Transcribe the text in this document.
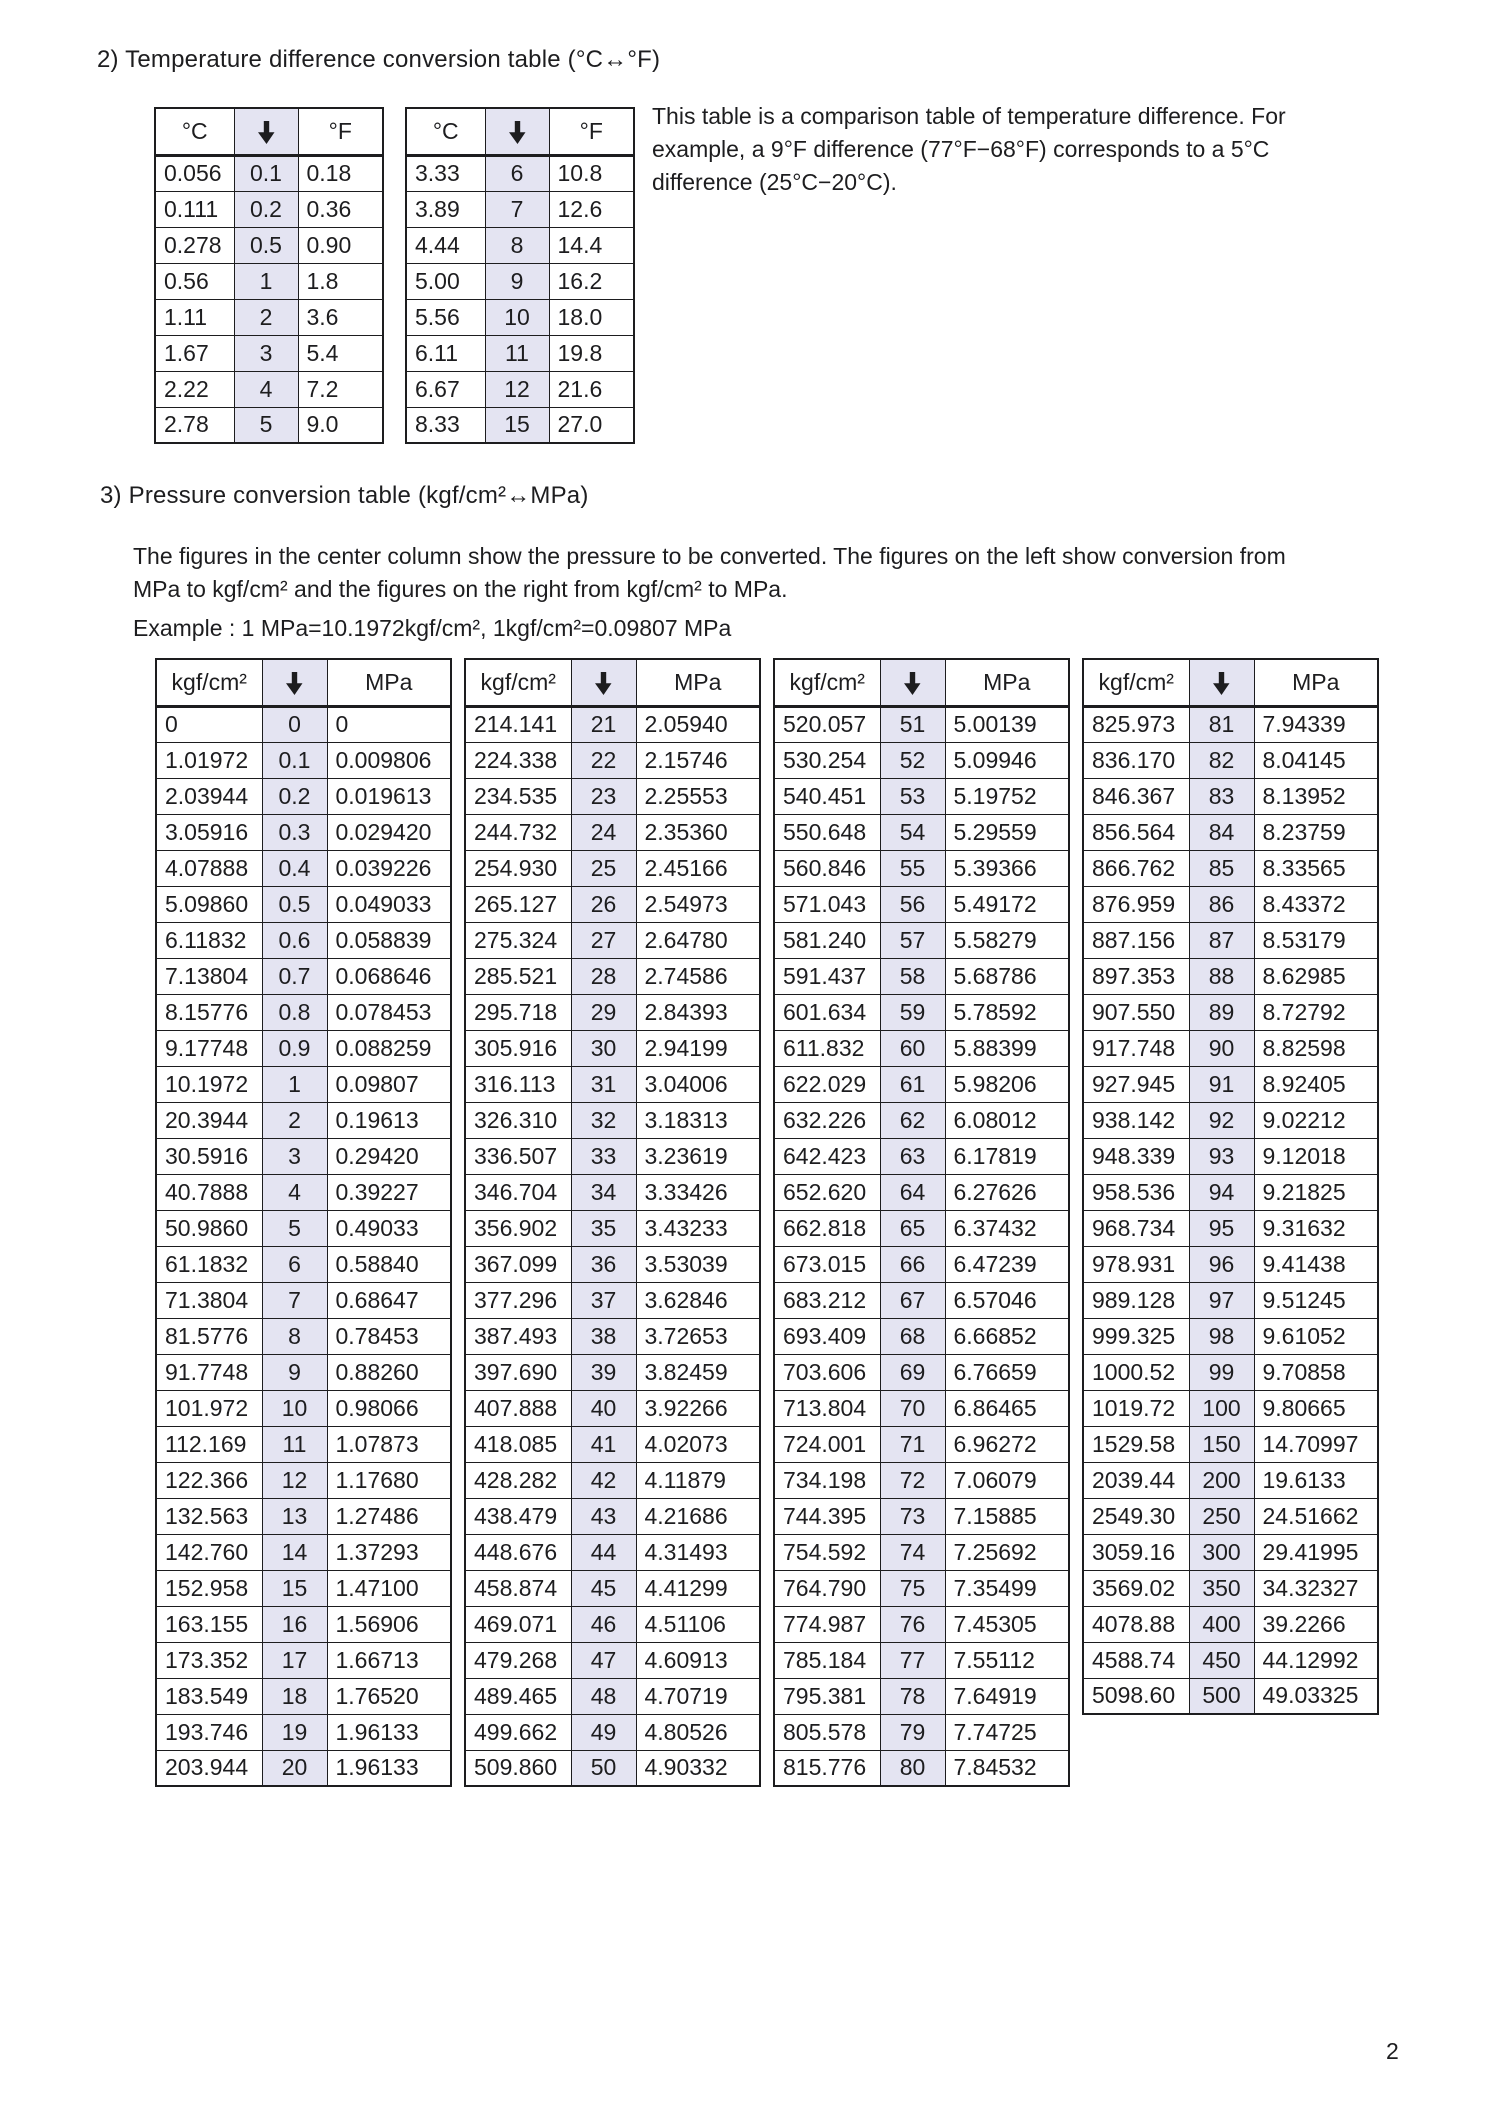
2) Temperature difference conversion table (°C↔°F)
°C		°F
0.056	0.1	0.18
0.111	0.2	0.36
0.278	0.5	0.90
0.56	1	1.8
1.11	2	3.6
1.67	3	5.4
2.22	4	7.2
2.78	5	9.0
°C		°F
3.33	6	10.8
3.89	7	12.6
4.44	8	14.4
5.00	9	16.2
5.56	10	18.0
6.11	11	19.8
6.67	12	21.6
8.33	15	27.0
This table is a comparison table of temperature difference. For example, a 9°F difference (77°F−68°F) corresponds to a 5°C difference (25°C−20°C).
3) Pressure conversion table (kgf/cm²↔MPa)
The figures in the center column show the pressure to be converted. The figures on the left show conversion from MPa to kgf/cm² and the figures on the right from kgf/cm² to MPa.
Example : 1 MPa=10.1972kgf/cm², 1kgf/cm²=0.09807 MPa
kgf/cm²		MPa
0	0	0
1.01972	0.1	0.009806
2.03944	0.2	0.019613
3.05916	0.3	0.029420
4.07888	0.4	0.039226
5.09860	0.5	0.049033
6.11832	0.6	0.058839
7.13804	0.7	0.068646
8.15776	0.8	0.078453
9.17748	0.9	0.088259
10.1972	1	0.09807
20.3944	2	0.19613
30.5916	3	0.29420
40.7888	4	0.39227
50.9860	5	0.49033
61.1832	6	0.58840
71.3804	7	0.68647
81.5776	8	0.78453
91.7748	9	0.88260
101.972	10	0.98066
112.169	11	1.07873
122.366	12	1.17680
132.563	13	1.27486
142.760	14	1.37293
152.958	15	1.47100
163.155	16	1.56906
173.352	17	1.66713
183.549	18	1.76520
193.746	19	1.96133
203.944	20	1.96133
kgf/cm²		MPa
214.141	21	2.05940
224.338	22	2.15746
234.535	23	2.25553
244.732	24	2.35360
254.930	25	2.45166
265.127	26	2.54973
275.324	27	2.64780
285.521	28	2.74586
295.718	29	2.84393
305.916	30	2.94199
316.113	31	3.04006
326.310	32	3.18313
336.507	33	3.23619
346.704	34	3.33426
356.902	35	3.43233
367.099	36	3.53039
377.296	37	3.62846
387.493	38	3.72653
397.690	39	3.82459
407.888	40	3.92266
418.085	41	4.02073
428.282	42	4.11879
438.479	43	4.21686
448.676	44	4.31493
458.874	45	4.41299
469.071	46	4.51106
479.268	47	4.60913
489.465	48	4.70719
499.662	49	4.80526
509.860	50	4.90332
kgf/cm²		MPa
520.057	51	5.00139
530.254	52	5.09946
540.451	53	5.19752
550.648	54	5.29559
560.846	55	5.39366
571.043	56	5.49172
581.240	57	5.58279
591.437	58	5.68786
601.634	59	5.78592
611.832	60	5.88399
622.029	61	5.98206
632.226	62	6.08012
642.423	63	6.17819
652.620	64	6.27626
662.818	65	6.37432
673.015	66	6.47239
683.212	67	6.57046
693.409	68	6.66852
703.606	69	6.76659
713.804	70	6.86465
724.001	71	6.96272
734.198	72	7.06079
744.395	73	7.15885
754.592	74	7.25692
764.790	75	7.35499
774.987	76	7.45305
785.184	77	7.55112
795.381	78	7.64919
805.578	79	7.74725
815.776	80	7.84532
kgf/cm²		MPa
825.973	81	7.94339
836.170	82	8.04145
846.367	83	8.13952
856.564	84	8.23759
866.762	85	8.33565
876.959	86	8.43372
887.156	87	8.53179
897.353	88	8.62985
907.550	89	8.72792
917.748	90	8.82598
927.945	91	8.92405
938.142	92	9.02212
948.339	93	9.12018
958.536	94	9.21825
968.734	95	9.31632
978.931	96	9.41438
989.128	97	9.51245
999.325	98	9.61052
1000.52	99	9.70858
1019.72	100	9.80665
1529.58	150	14.70997
2039.44	200	19.6133
2549.30	250	24.51662
3059.16	300	29.41995
3569.02	350	34.32327
4078.88	400	39.2266
4588.74	450	44.12992
5098.60	500	49.03325
2
